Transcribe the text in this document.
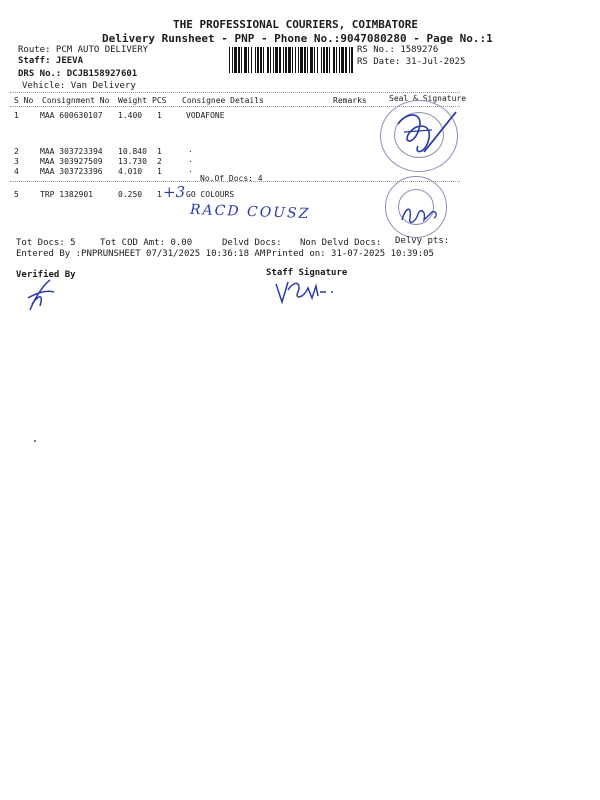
THE PROFESSIONAL COURIERS, COIMBATORE
Delivery Runsheet - PNP - Phone No.:9047080280 - Page No.:1
Route: PCM AUTO DELIVERY
Staff: JEEVA
DRS No.: DCJB158927601
Vehicle: Van Delivery
RS No.: 1589276
RS Date: 31-Jul-2025
S No Consignment No Weight PCS Consignee Details	Remarks	Seal & Signature
1	MAA 600630107 1.400 1	VODAFONE
2	MAA 303723394 10.840 1	.
3	MAA 303927509 13.730 2	.
4	MAA 303723396 4.010 1	.
No.Of Docs: 4
5	TRP 1382901	0.250 1 +3 GO COLOURS
RACD COUSZ
Tot Docs: 5	Tot COD Amt: 0.00	Delvd Docs: Non Delvd Docs: Delvy pts:
Entered By :PNPRUNSHEET 07/31/2025 10:36:18 AM Printed on: 31-07-2025 10:39:05
Verified By	Staff Signature
